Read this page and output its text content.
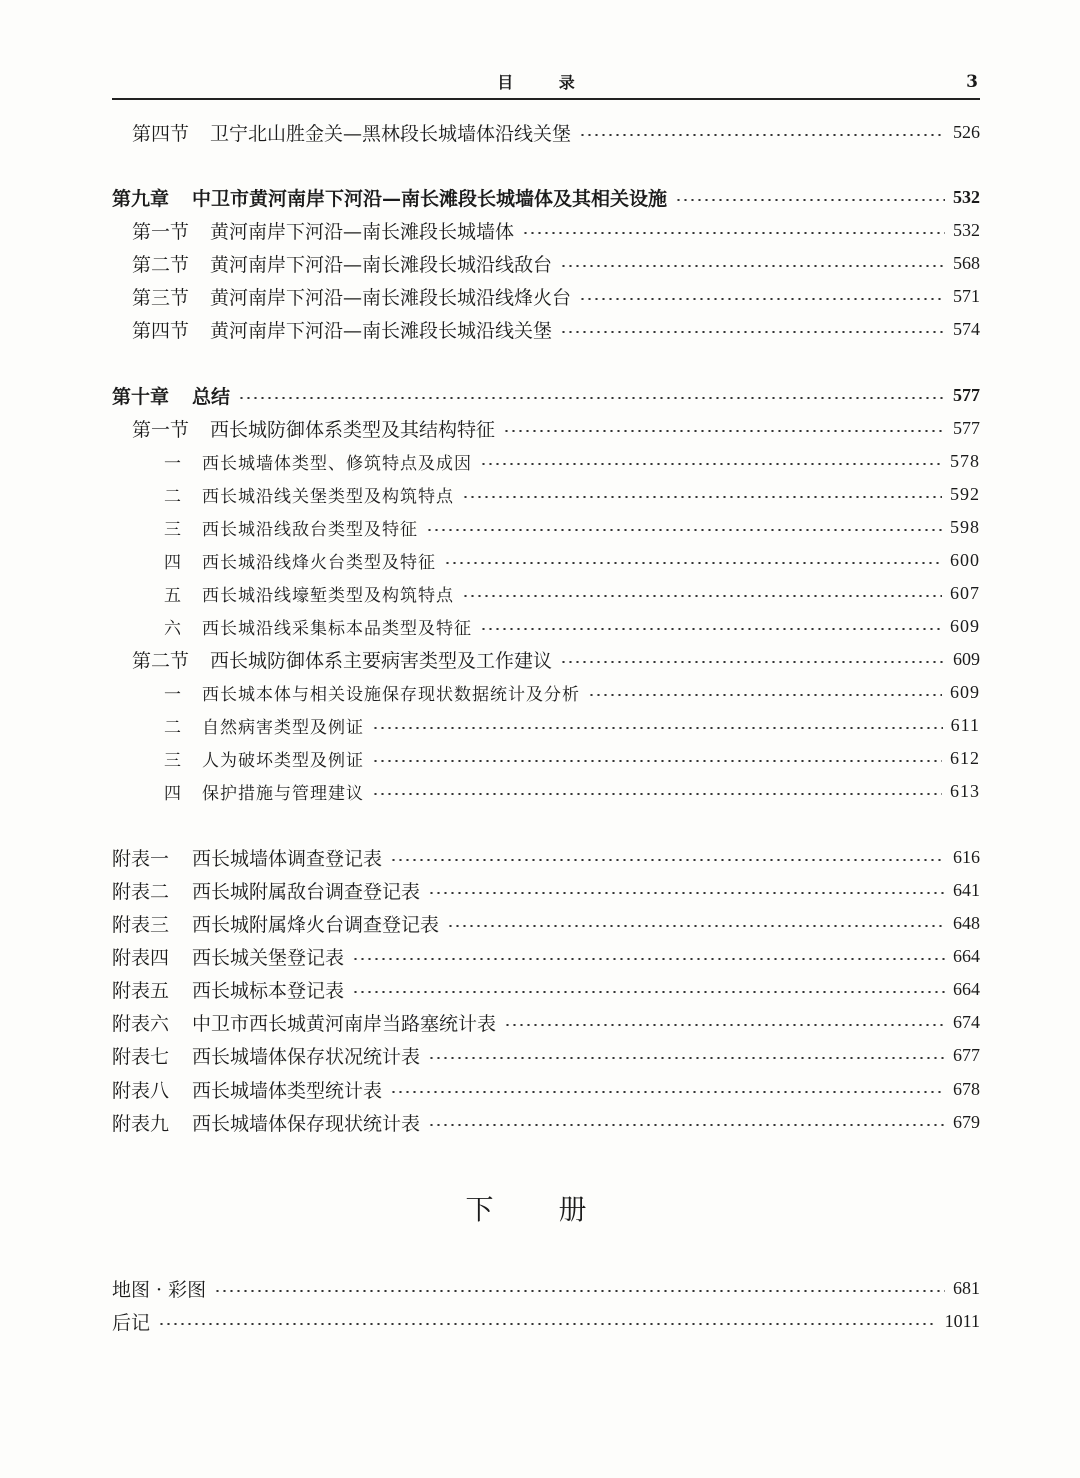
目 录	3
第四节 卫宁北山胜金关—黑林段长城墙体沿线关堡	526
第九章 中卫市黄河南岸下河沿—南长滩段长城墙体及其相关设施	532
第一节 黄河南岸下河沿—南长滩段长城墙体	532
第二节 黄河南岸下河沿—南长滩段长城沿线敌台	568
第三节 黄河南岸下河沿—南长滩段长城沿线烽火台	571
第四节 黄河南岸下河沿—南长滩段长城沿线关堡	574
第十章 总结	577
第一节 西长城防御体系类型及其结构特征	577
一 西长城墙体类型、修筑特点及成因	578
二 西长城沿线关堡类型及构筑特点	592
三 西长城沿线敌台类型及特征	598
四 西长城沿线烽火台类型及特征	600
五 西长城沿线壕堑类型及构筑特点	607
六 西长城沿线采集标本品类型及特征	609
第二节 西长城防御体系主要病害类型及工作建议	609
一 西长城本体与相关设施保存现状数据统计及分析	609
二 自然病害类型及例证	611
三 人为破坏类型及例证	612
四 保护措施与管理建议	613
附表一 西长城墙体调查登记表	616
附表二 西长城附属敌台调查登记表	641
附表三 西长城附属烽火台调查登记表	648
附表四 西长城关堡登记表	664
附表五 西长城标本登记表	664
附表六 中卫市西长城黄河南岸当路塞统计表	674
附表七 西长城墙体保存状况统计表	677
附表八 西长城墙体类型统计表	678
附表九 西长城墙体保存现状统计表	679
下 册
地图 · 彩图	681
后记	1011
